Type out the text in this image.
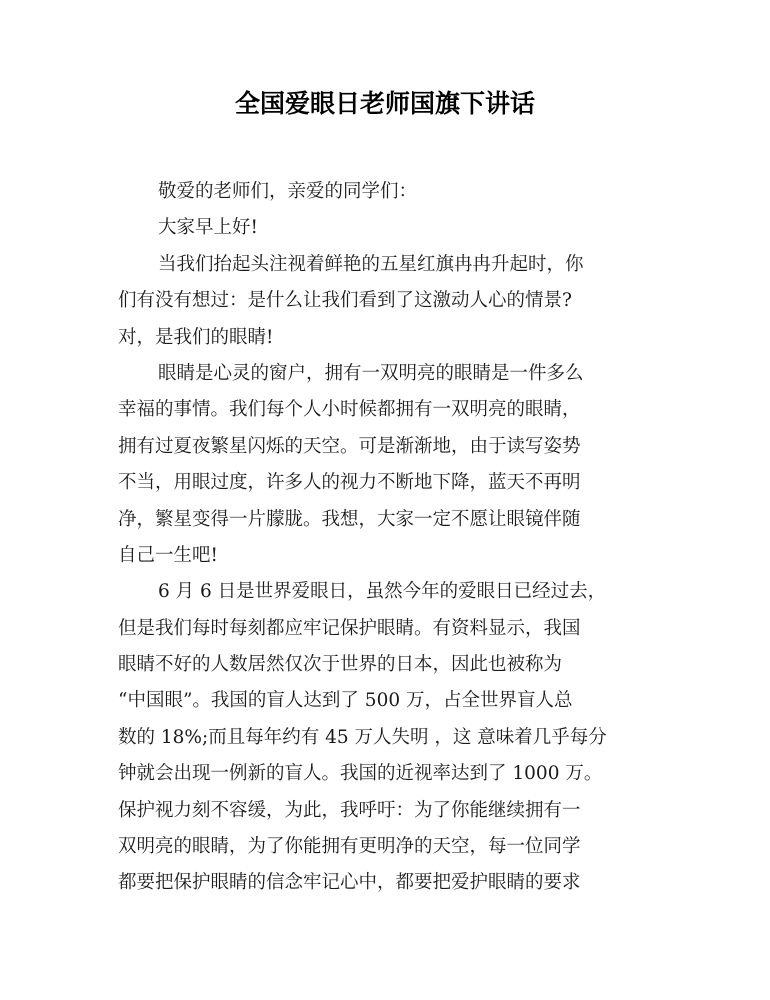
全国爱眼日老师国旗下讲话
敬爱的老师们，亲爱的同学们：
大家早上好!
当我们抬起头注视着鲜艳的五星红旗冉冉升起时，你
们有没有想过：是什么让我们看到了这激动人心的情景?
对，是我们的眼睛!
眼睛是心灵的窗户，拥有一双明亮的眼睛是一件多么
幸福的事情。我们每个人小时候都拥有一双明亮的眼睛，
拥有过夏夜繁星闪烁的天空。可是渐渐地，由于读写姿势
不当，用眼过度，许多人的视力不断地下降，蓝天不再明
净，繁星变得一片朦胧。我想，大家一定不愿让眼镜伴随
自己一生吧!
6 月 6 日是世界爱眼日，虽然今年的爱眼日已经过去，
但是我们每时每刻都应牢记保护眼睛。有资料显示，我国
眼睛不好的人数居然仅次于世界的日本，因此也被称为
“中国眼”。我国的盲人达到了 500 万，占全世界盲人总
数的 18%;而且每年约有 45 万人失明 ，这 意味着几乎每分
钟就会出现一例新的盲人。我国的近视率达到了 1000 万。
保护视力刻不容缓，为此，我呼吁：为了你能继续拥有一
双明亮的眼睛，为了你能拥有更明净的天空，每一位同学
都要把保护眼睛的信念牢记心中，都要把爱护眼睛的要求
